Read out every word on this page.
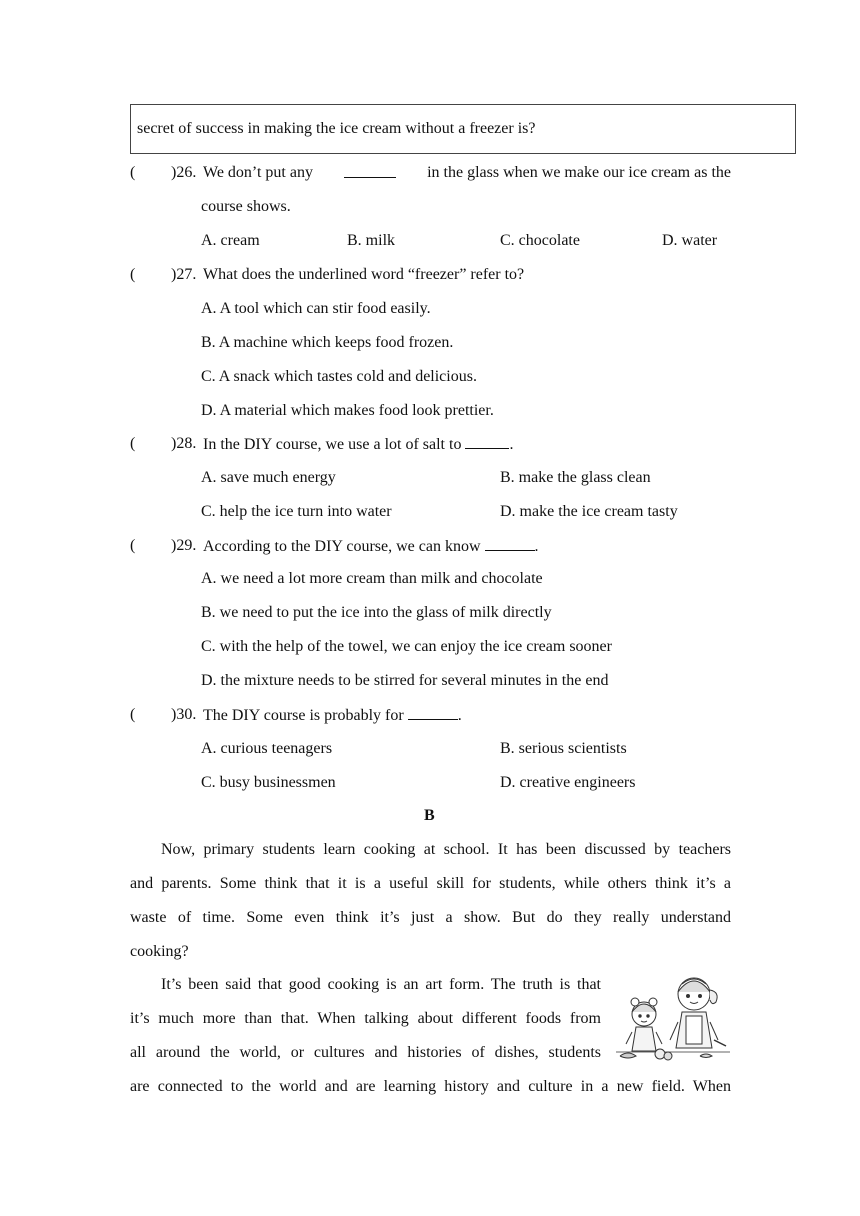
secret of success in making the ice cream without a freezer is?
( )26. We don’t put any	in the glass when we make our ice cream as the
course shows.
A. cream	B. milk	C. chocolate	D. water
( )27. What does the underlined word “freezer” refer to?
A. A tool which can stir food easily.
B. A machine which keeps food frozen.
C. A snack which tastes cold and delicious.
D. A material which makes food look prettier.
( )28. In the DIY course, we use a lot of salt to	.
A. save much energy	B. make the glass clean
C. help the ice turn into water	D. make the ice cream tasty
( )29. According to the DIY course, we can know	.
A. we need a lot more cream than milk and chocolate
B. we need to put the ice into the glass of milk directly
C. with the help of the towel, we can enjoy the ice cream sooner
D. the mixture needs to be stirred for several minutes in the end
( )30. The DIY course is probably for	.
A. curious teenagers	B. serious scientists
C. busy businessmen	D. creative engineers
B
Now, primary students learn cooking at school. It has been discussed by teachers
and parents. Some think that it is a useful skill for students, while others think it’s a
waste of time. Some even think it’s just a show. But do they really understand
cooking?
It’s been said that good cooking is an art form. The truth is that
it’s much more than that. When talking about different foods from
all around the world, or cultures and histories of dishes, students
are connected to the world and are learning history and culture in a new field. When
